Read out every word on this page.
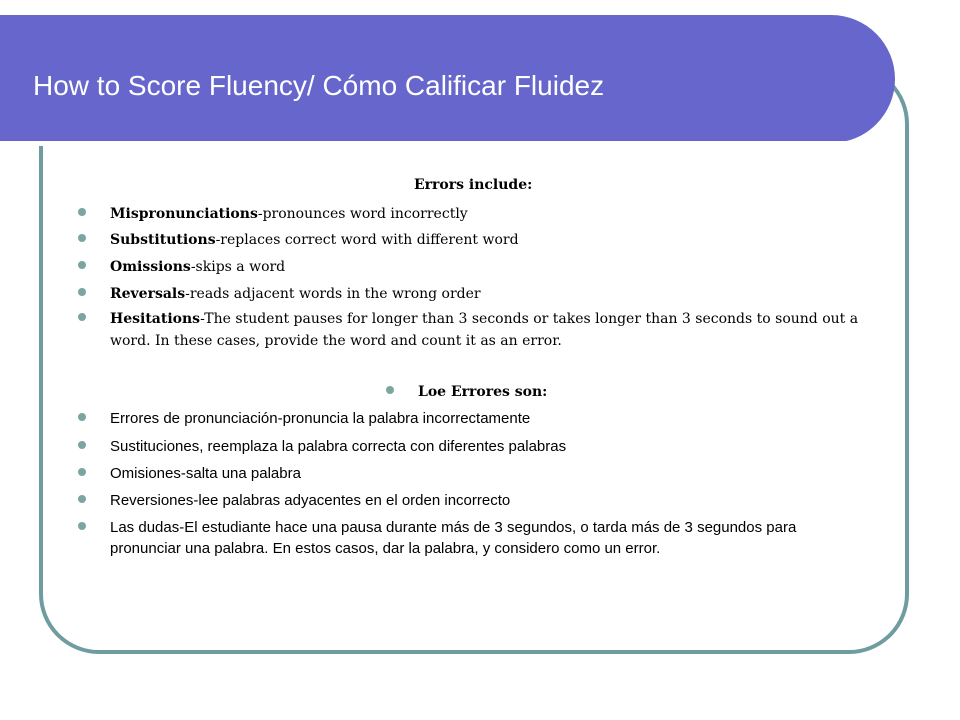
How to Score Fluency/ Cómo Calificar Fluidez
Errors include:
Mispronunciations-pronounces word incorrectly
Substitutions-replaces correct word with different word
Omissions-skips a word
Reversals-reads adjacent words in the wrong order
Hesitations-The student pauses for longer than 3 seconds or takes longer than 3 seconds to sound out a word. In these cases, provide the word and count it as an error.
Loe Errores son:
Errores de pronunciación-pronuncia la palabra incorrectamente
Sustituciones, reemplaza la palabra correcta con diferentes palabras
Omisiones-salta una palabra
Reversiones-lee palabras adyacentes en el orden incorrecto
Las dudas-El estudiante hace una pausa durante más de 3 segundos, o tarda más de 3 segundos para pronunciar una palabra. En estos casos, dar la palabra, y considero como un error.
